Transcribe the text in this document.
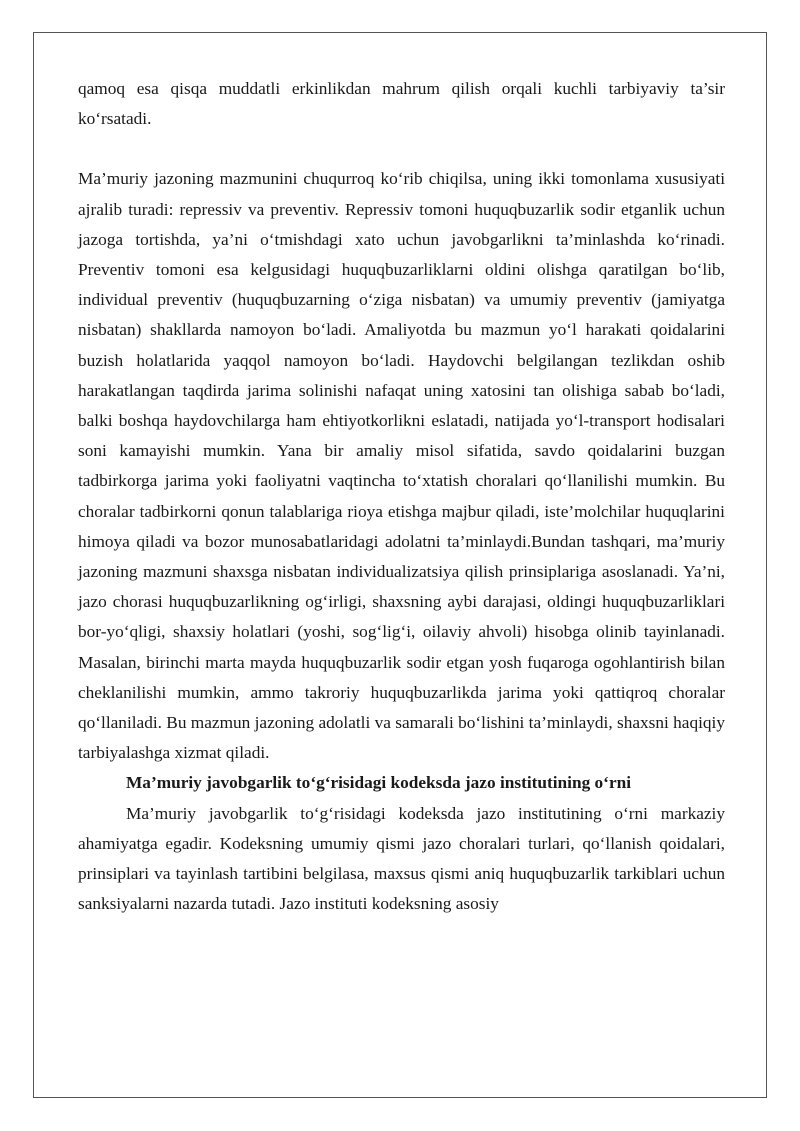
qamoq esa qisqa muddatli erkinlikdan mahrum qilish orqali kuchli tarbiyaviy ta’sir ko‘rsatadi.

Ma’muriy jazoning mazmunini chuqurroq ko‘rib chiqilsa, uning ikki tomonlama xususiyati ajralib turadi: repressiv va preventiv. Repressiv tomoni huquqbuzarlik sodir etganlik uchun jazoga tortishda, ya’ni o‘tmishdagi xato uchun javobgarlikni ta’minlashda ko‘rinadi. Preventiv tomoni esa kelgusidagi huquqbuzarliklarni oldini olishga qaratilgan bo‘lib, individual preventiv (huquqbuzarning o‘ziga nisbatan) va umumiy preventiv (jamiyatga nisbatan) shakllarda namoyon bo‘ladi. Amaliyotda bu mazmun yo‘l harakati qoidalarini buzish holatlarida yaqqol namoyon bo‘ladi. Haydovchi belgilangan tezlikdan oshib harakatlangan taqdirda jarima solinishi nafaqat uning xatosini tan olishiga sabab bo‘ladi, balki boshqa haydovchilarga ham ehtiyotkorlikni eslatadi, natijada yo‘l-transport hodisalari soni kamayishi mumkin. Yana bir amaliy misol sifatida, savdo qoidalarini buzgan tadbirkorga jarima yoki faoliyatni vaqtincha to‘xtatish choralari qo‘llanilishi mumkin. Bu choralar tadbirkorni qonun talablariga rioya etishga majbur qiladi, iste’molchilar huquqlarini himoya qiladi va bozor munosabatlaridagi adolatni ta’minlaydi.Bundan tashqari, ma’muriy jazoning mazmuni shaxsga nisbatan individualizatsiya qilish prinsiplariga asoslanadi. Ya’ni, jazo chorasi huquqbuzarlikning og‘irligi, shaxsning aybi darajasi, oldingi huquqbuzarliklari bor-yo‘qligi, shaxsiy holatlari (yoshi, sog‘lig‘i, oilaviy ahvoli) hisobga olinib tayinlanadi. Masalan, birinchi marta mayda huquqbuzarlik sodir etgan yosh fuqaroga ogohlantirish bilan cheklanilishi mumkin, ammo takroriy huquqbuzarlikda jarima yoki qattiqroq choralar qo‘llaniladi. Bu mazmun jazoning adolatli va samarali bo‘lishini ta’minlaydi, shaxsni haqiqiy tarbiyalashga xizmat qiladi.

Ma’muriy javobgarlik to‘g‘risidagi kodeksda jazo institutining o‘rni

Ma’muriy javobgarlik to‘g‘risidagi kodeksda jazo institutining o‘rni markaziy ahamiyatga egadir. Kodeksning umumiy qismi jazo choralari turlari, qo‘llanish qoidalari, prinsiplari va tayinlash tartibini belgilasa, maxsus qismi aniq huquqbuzarlik tarkiblari uchun sanksiyalarni nazarda tutadi. Jazo instituti kodeksning asosiy
